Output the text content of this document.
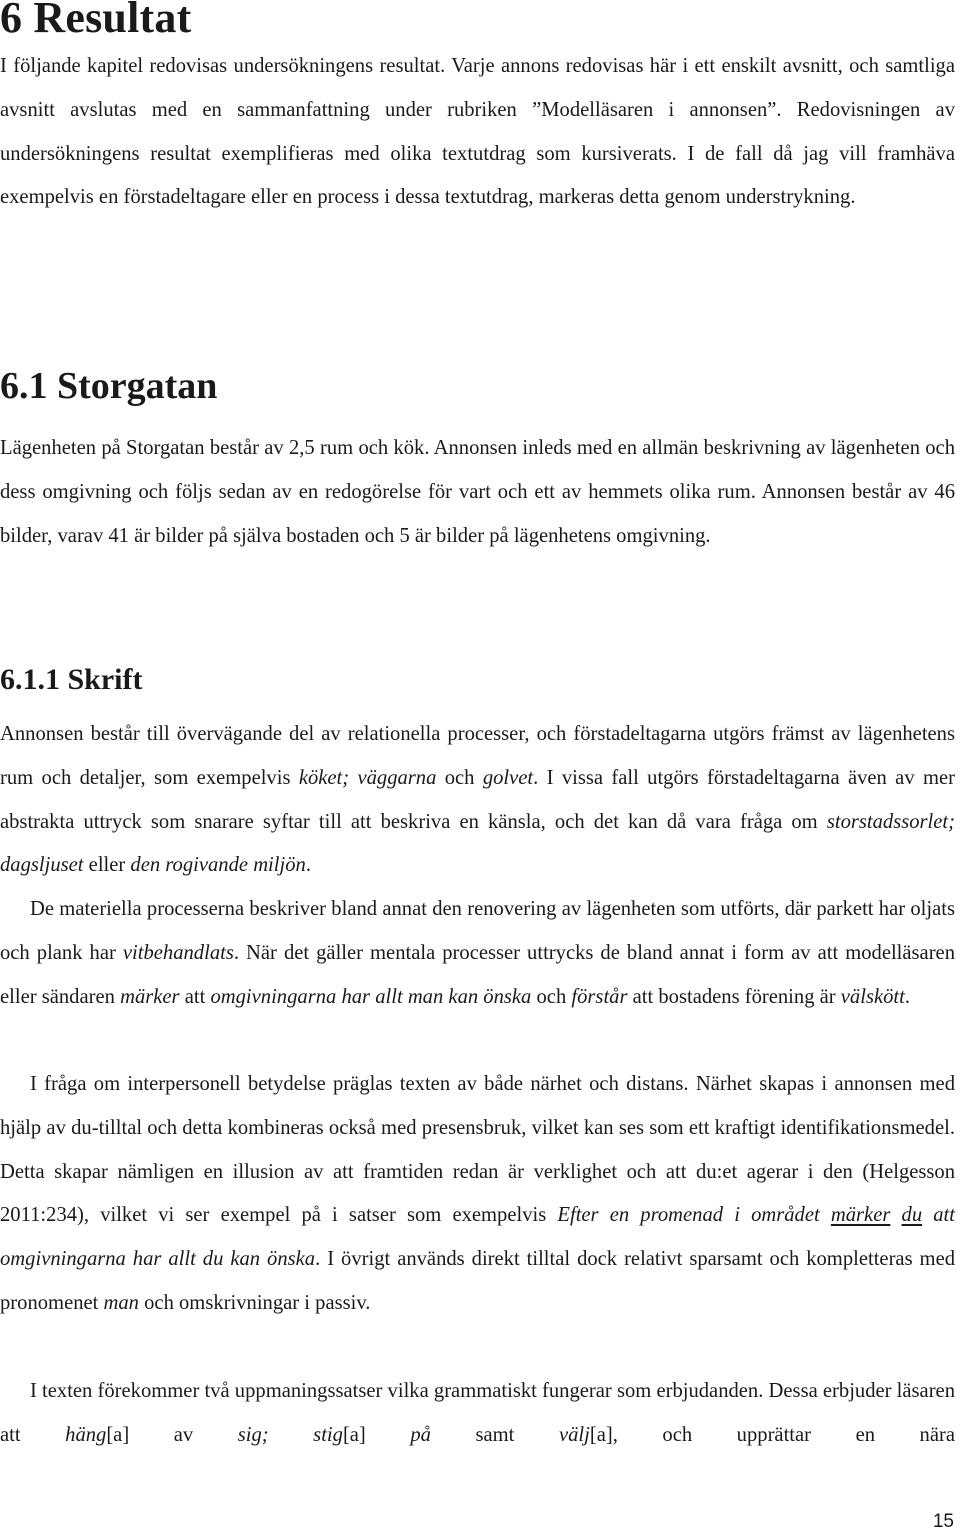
6 Resultat

I följande kapitel redovisas undersökningens resultat. Varje annons redovisas här i ett enskilt avsnitt, och samtliga avsnitt avslutas med en sammanfattning under rubriken ”Modelläsaren i annonsen”. Redovisningen av undersökningens resultat exemplifieras med olika textutdrag som kursiverats. I de fall då jag vill framhäva exempelvis en förstadeltagare eller en process i dessa textutdrag, markeras detta genom understrykning.

6.1 Storgatan

Lägenheten på Storgatan består av 2,5 rum och kök. Annonsen inleds med en allmän beskrivning av lägenheten och dess omgivning och följs sedan av en redogörelse för vart och ett av hemmets olika rum. Annonsen består av 46 bilder, varav 41 är bilder på själva bostaden och 5 är bilder på lägenhetens omgivning.

6.1.1 Skrift

Annonsen består till övervägande del av relationella processer, och förstadeltagarna utgörs främst av lägenhetens rum och detaljer, som exempelvis köket; väggarna och golvet. I vissa fall utgörs förstadeltagarna även av mer abstrakta uttryck som snarare syftar till att beskriva en känsla, och det kan då vara fråga om storstadssorlet; dagsljuset eller den rogivande miljön.

De materiella processerna beskriver bland annat den renovering av lägenheten som utförts, där parkett har oljats och plank har vitbehandlats. När det gäller mentala processer uttrycks de bland annat i form av att modelläsaren eller sändaren märker att omgivningarna har allt man kan önska och förstår att bostadens förening är välskött.

I fråga om interpersonell betydelse präglas texten av både närhet och distans. Närhet skapas i annonsen med hjälp av du-tilltal och detta kombineras också med presensbruk, vilket kan ses som ett kraftigt identifikationsmedel. Detta skapar nämligen en illusion av att framtiden redan är verklighet och att du:et agerar i den (Helgesson 2011:234), vilket vi ser exempel på i satser som exempelvis Efter en promenad i området märker du att omgivningarna har allt du kan önska. I övrigt används direkt tilltal dock relativt sparsamt och kompletteras med pronomenet man och omskrivningar i passiv.

I texten förekommer två uppmaningssatser vilka grammatiskt fungerar som erbjudanden. Dessa erbjuder läsaren att häng[a] av sig; stig[a] på samt välj[a], och upprättar en nära

15
